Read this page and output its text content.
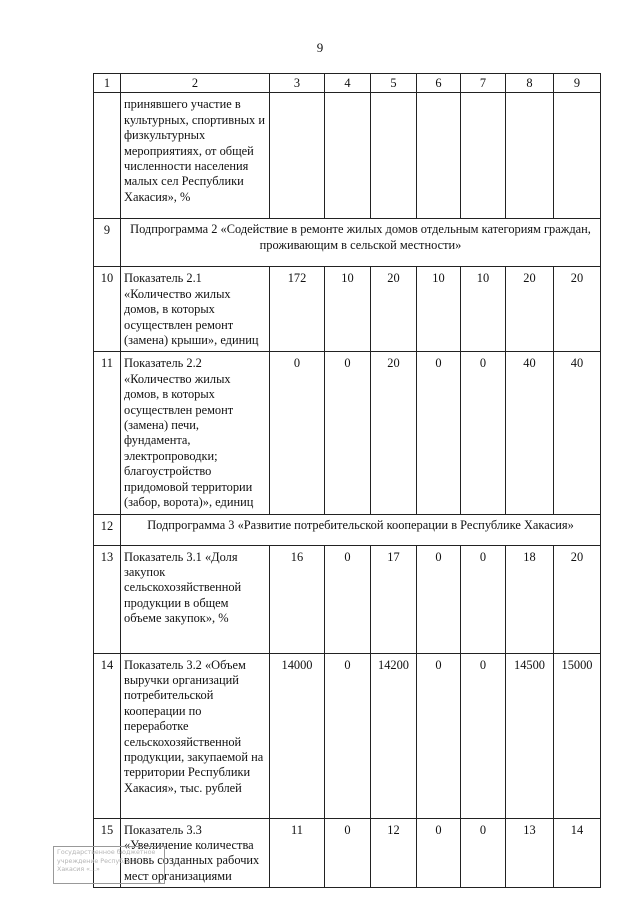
9
1	2	3	4	5	6	7	8	9
	принявшего участие в культурных, спортивных и физкультурных мероприятиях, от общей численности населения малых сел Республики Хакасия», %							
9	Подпрограмма 2 «Содействие в ремонте жилых домов отдельным категориям граждан, проживающим в сельской местности»							
10	Показатель 2.1 «Количество жилых домов, в которых осуществлен ремонт (замена) крыши», единиц	172	10	20	10	10	20	20
11	Показатель 2.2 «Количество жилых домов, в которых осуществлен ремонт (замена) печи, фундамента, электропроводки; благоустройство придомовой территории (забор, ворота)», единиц	0	0	20	0	0	40	40
12	Подпрограмма 3 «Развитие потребительской кооперации в Республике Хакасия»							
13	Показатель 3.1 «Доля закупок сельскохозяйственной продукции в общем объеме закупок», %	16	0	17	0	0	18	20
14	Показатель 3.2 «Объем выручки организаций потребительской кооперации по переработке сельскохозяйственной продукции, закупаемой на территории Республики Хакасия», тыс. рублей	14000	0	14200	0	0	14500	15000
15	Показатель 3.3 «Увеличение количества вновь созданных рабочих мест организациями	11	0	12	0	0	13	14
Государственное бюджетное
учреждение Республики
Хакасия «...»
